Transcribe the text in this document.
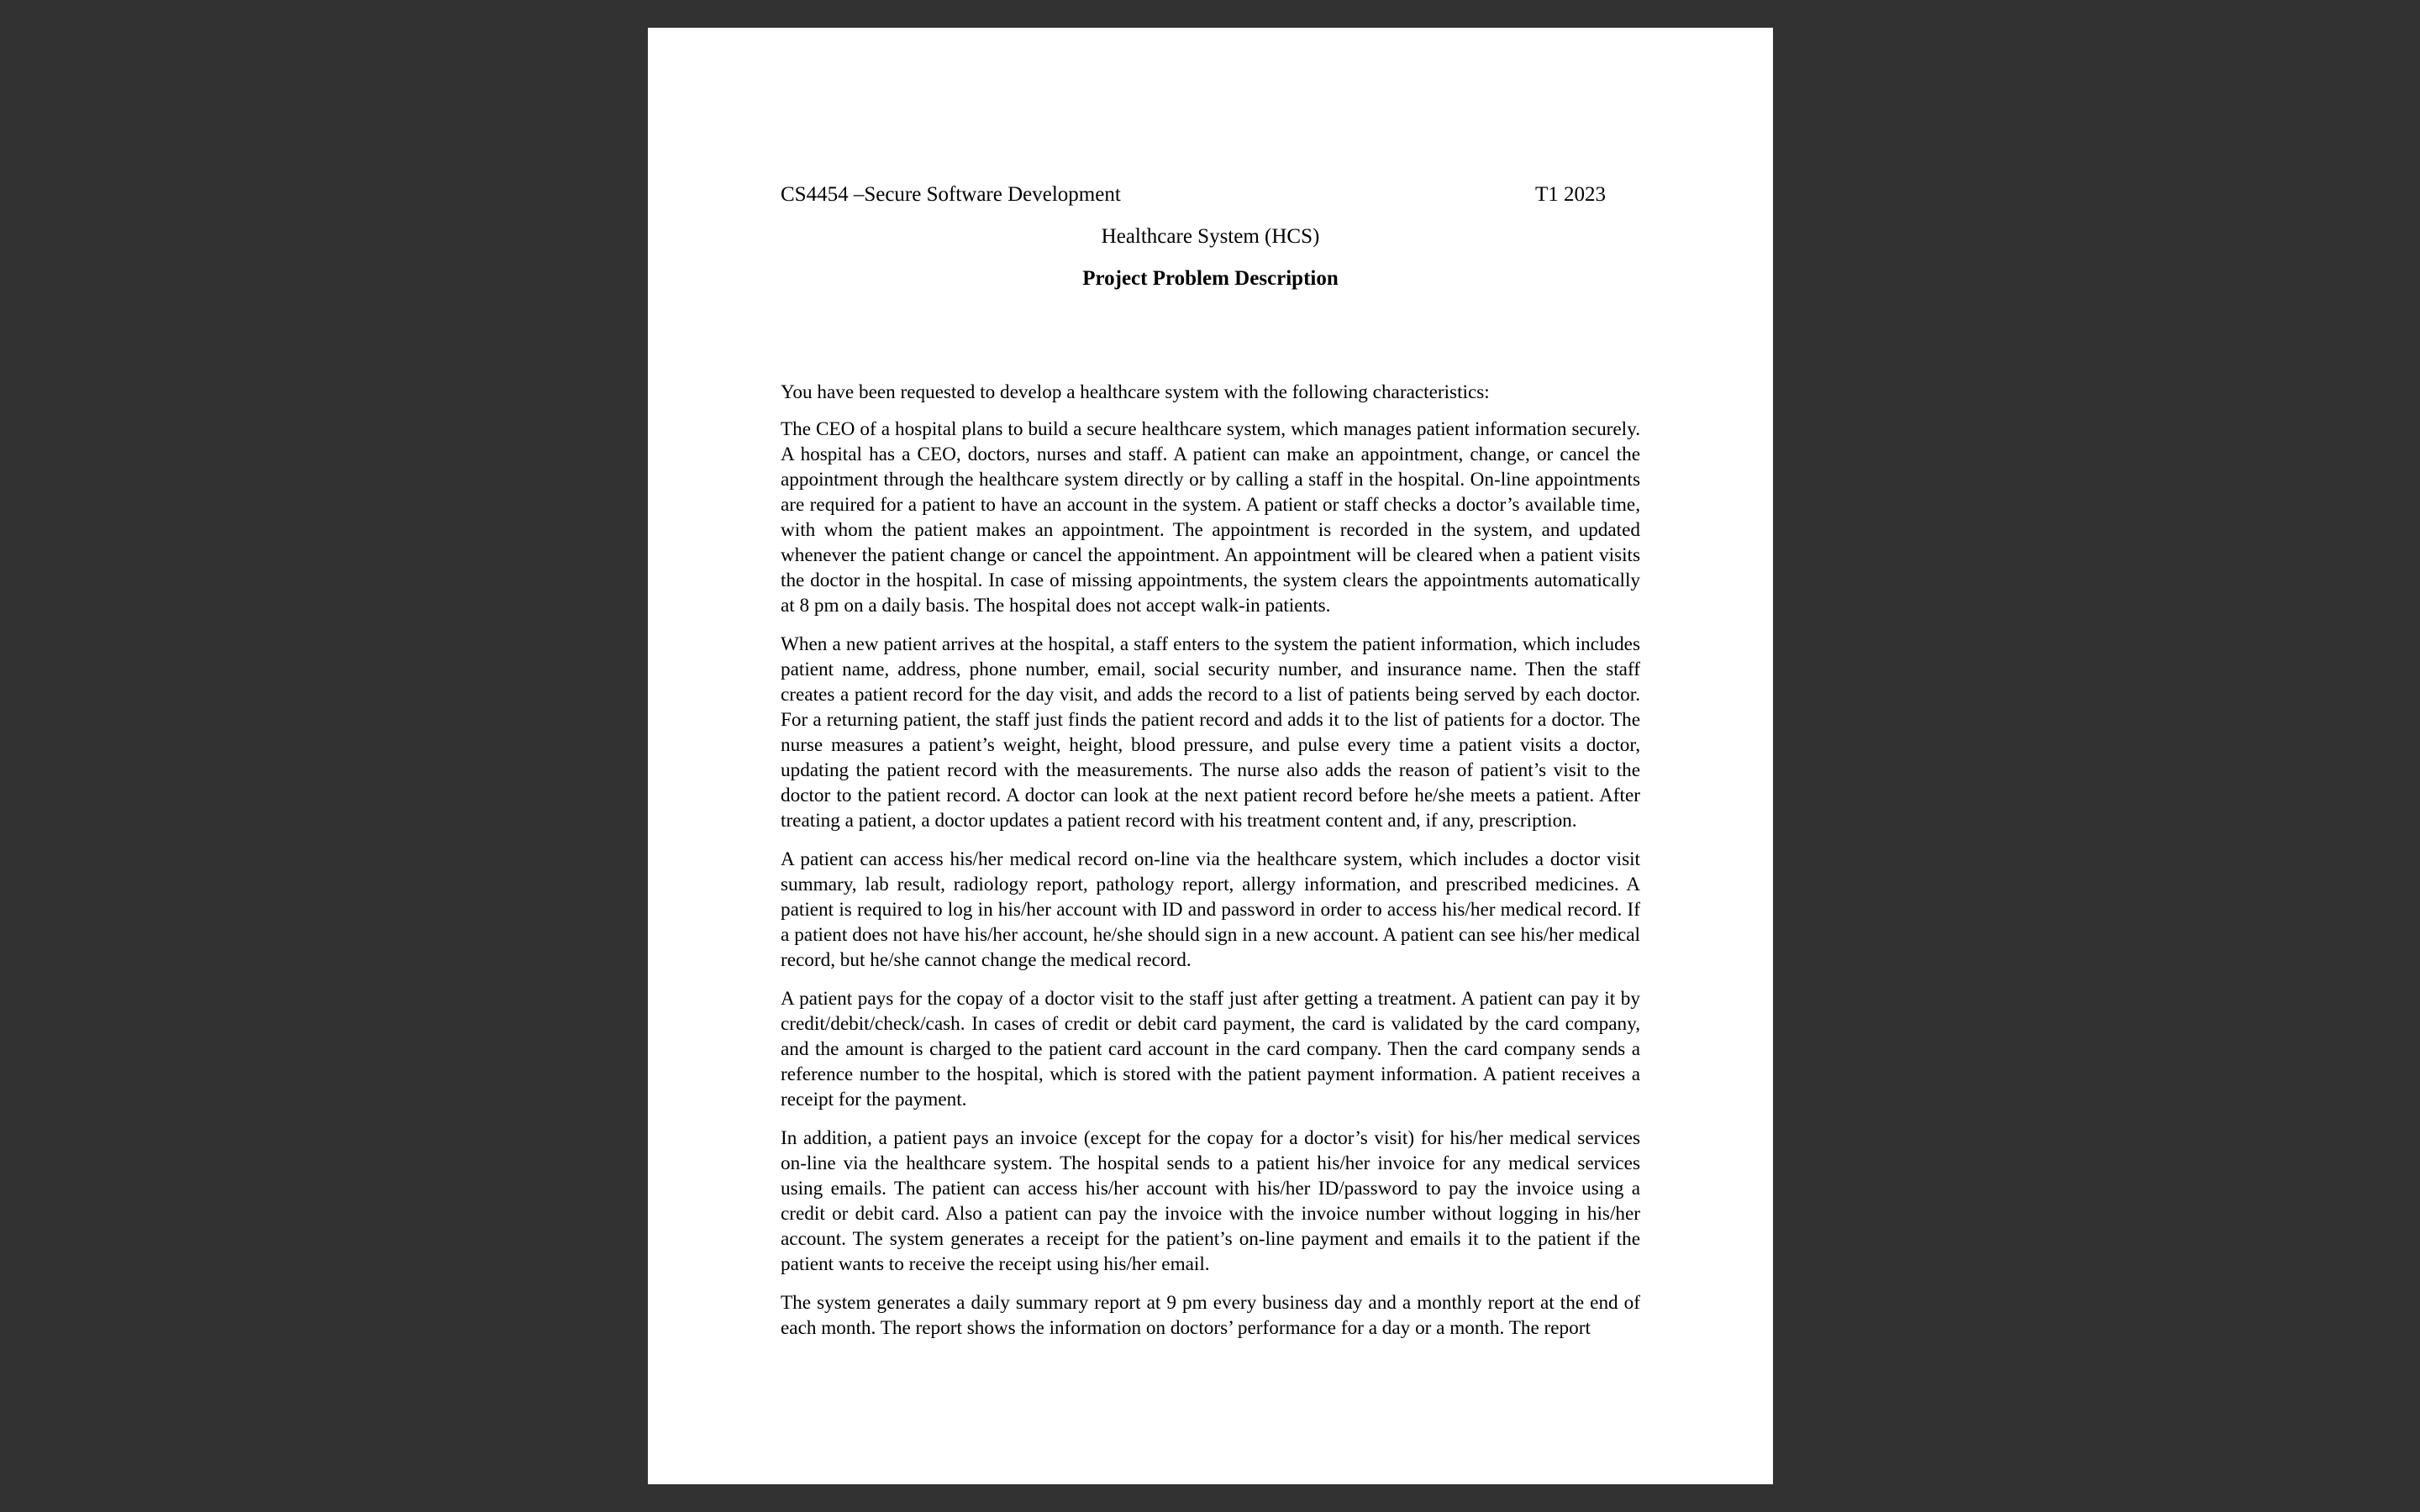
CS4454 –Secure Software Development	T1 2023
Healthcare System (HCS)
Project Problem Description

You have been requested to develop a healthcare system with the following characteristics:

The CEO of a hospital plans to build a secure healthcare system, which manages patient information securely. A hospital has a CEO, doctors, nurses and staff. A patient can make an appointment, change, or cancel the appointment through the healthcare system directly or by calling a staff in the hospital. On-line appointments are required for a patient to have an account in the system. A patient or staff checks a doctor’s available time, with whom the patient makes an appointment. The appointment is recorded in the system, and updated whenever the patient change or cancel the appointment. An appointment will be cleared when a patient visits the doctor in the hospital. In case of missing appointments, the system clears the appointments automatically at 8 pm on a daily basis. The hospital does not accept walk-in patients.

When a new patient arrives at the hospital, a staff enters to the system the patient information, which includes patient name, address, phone number, email, social security number, and insurance name. Then the staff creates a patient record for the day visit, and adds the record to a list of patients being served by each doctor. For a returning patient, the staff just finds the patient record and adds it to the list of patients for a doctor. The nurse measures a patient’s weight, height, blood pressure, and pulse every time a patient visits a doctor, updating the patient record with the measurements. The nurse also adds the reason of patient’s visit to the doctor to the patient record. A doctor can look at the next patient record before he/she meets a patient. After treating a patient, a doctor updates a patient record with his treatment content and, if any, prescription.

A patient can access his/her medical record on-line via the healthcare system, which includes a doctor visit summary, lab result, radiology report, pathology report, allergy information, and prescribed medicines. A patient is required to log in his/her account with ID and password in order to access his/her medical record. If a patient does not have his/her account, he/she should sign in a new account. A patient can see his/her medical record, but he/she cannot change the medical record.

A patient pays for the copay of a doctor visit to the staff just after getting a treatment. A patient can pay it by credit/debit/check/cash. In cases of credit or debit card payment, the card is validated by the card company, and the amount is charged to the patient card account in the card company. Then the card company sends a reference number to the hospital, which is stored with the patient payment information. A patient receives a receipt for the payment.

In addition, a patient pays an invoice (except for the copay for a doctor’s visit) for his/her medical services on-line via the healthcare system. The hospital sends to a patient his/her invoice for any medical services using emails. The patient can access his/her account with his/her ID/password to pay the invoice using a credit or debit card. Also a patient can pay the invoice with the invoice number without logging in his/her account. The system generates a receipt for the patient’s on-line payment and emails it to the patient if the patient wants to receive the receipt using his/her email.

The system generates a daily summary report at 9 pm every business day and a monthly report at the end of each month. The report shows the information on doctors’ performance for a day or a month. The report
